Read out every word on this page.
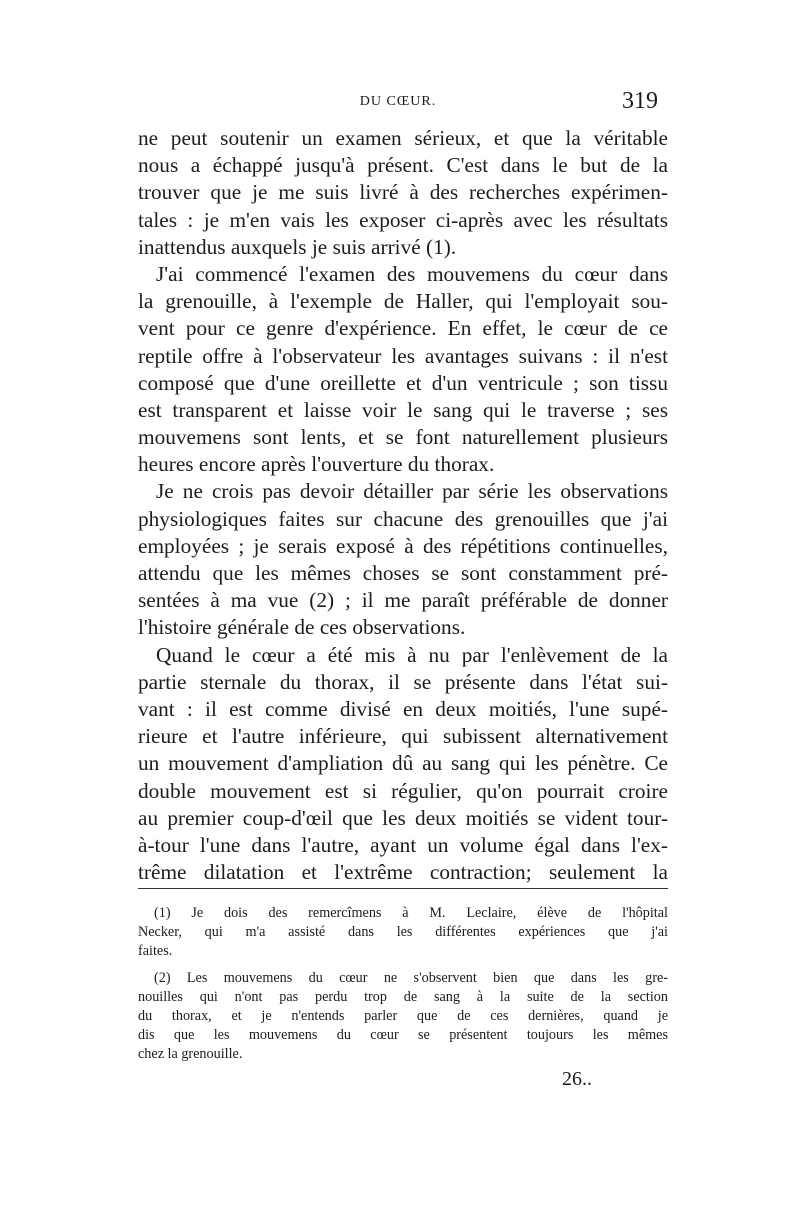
DU CŒUR.	319
ne peut soutenir un examen sérieux, et que la véritable
nous a échappé jusqu'à présent. C'est dans le but de la
trouver que je me suis livré à des recherches expérimen-
tales : je m'en vais les exposer ci-après avec les résultats
inattendus auxquels je suis arrivé (1).
J'ai commencé l'examen des mouvemens du cœur dans
la grenouille, à l'exemple de Haller, qui l'employait sou-
vent pour ce genre d'expérience. En effet, le cœur de ce
reptile offre à l'observateur les avantages suivans : il n'est
composé que d'une oreillette et d'un ventricule ; son tissu
est transparent et laisse voir le sang qui le traverse ; ses
mouvemens sont lents, et se font naturellement plusieurs
heures encore après l'ouverture du thorax.
Je ne crois pas devoir détailler par série les observations
physiologiques faites sur chacune des grenouilles que j'ai
employées ; je serais exposé à des répétitions continuelles,
attendu que les mêmes choses se sont constamment pré-
sentées à ma vue (2) ; il me paraît préférable de donner
l'histoire générale de ces observations.
Quand le cœur a été mis à nu par l'enlèvement de la
partie sternale du thorax, il se présente dans l'état sui-
vant : il est comme divisé en deux moitiés, l'une supé-
rieure et l'autre inférieure, qui subissent alternativement
un mouvement d'ampliation dû au sang qui les pénètre. Ce
double mouvement est si régulier, qu'on pourrait croire
au premier coup-d'œil que les deux moitiés se vident tour-
à-tour l'une dans l'autre, ayant un volume égal dans l'ex-
trême dilatation et l'extrême contraction; seulement la
(1) Je dois des remercîmens à M. Leclaire, élève de l'hôpital
Necker, qui m'a assisté dans les différentes expériences que j'ai
faites.
(2) Les mouvemens du cœur ne s'observent bien que dans les gre-
nouilles qui n'ont pas perdu trop de sang à la suite de la section
du thorax, et je n'entends parler que de ces dernières, quand je
dis que les mouvemens du cœur se présentent toujours les mêmes
chez la grenouille.
26..
